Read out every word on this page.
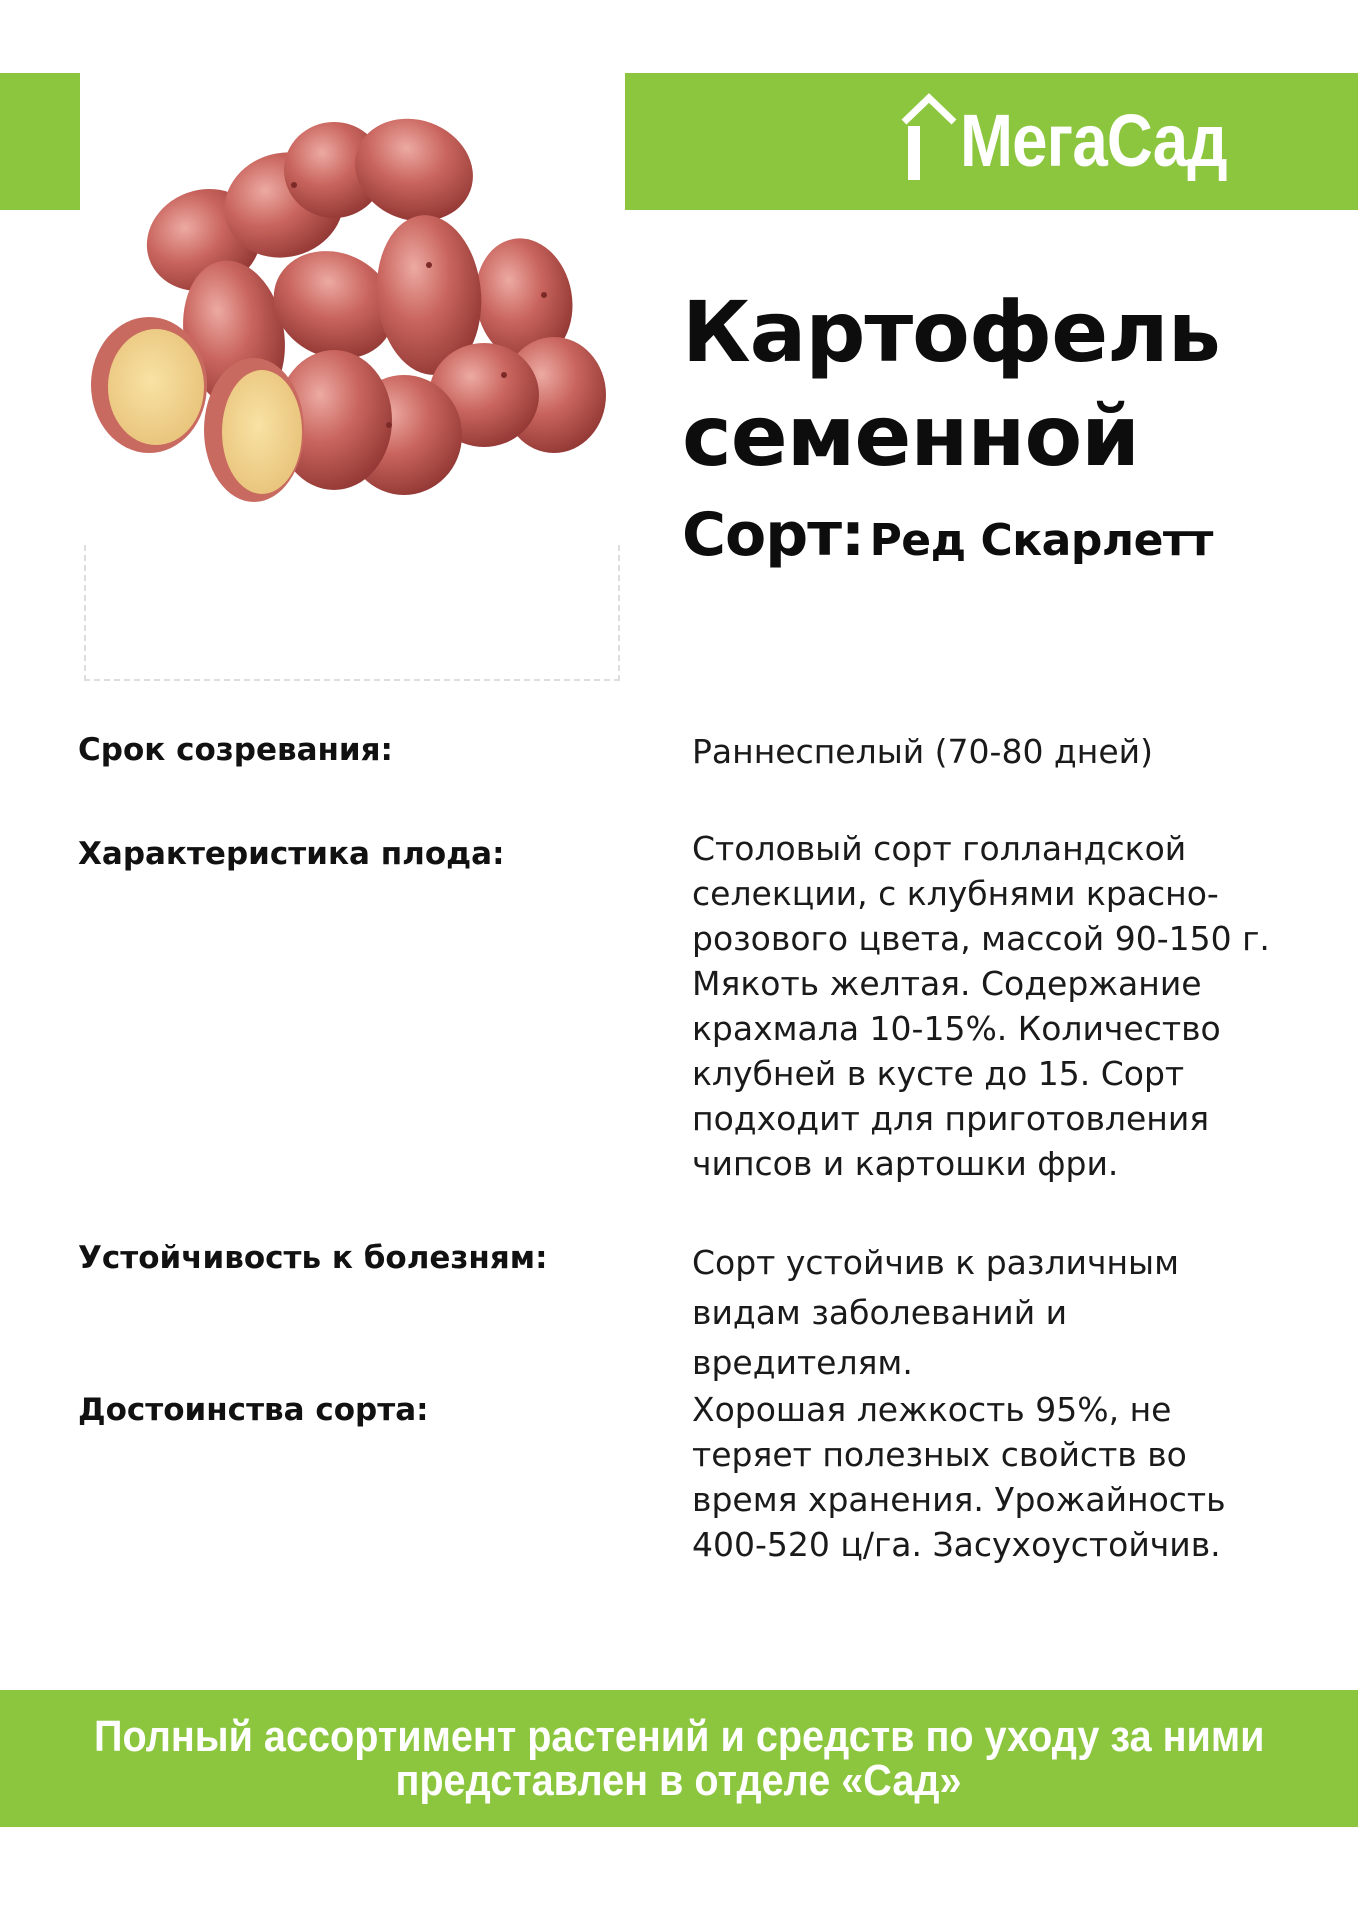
МегаСад
Картофель
семенной
Сорт: Ред Скарлетт
Срок созревания:	Раннеспелый (70-80 дней)
Характеристика плода:	Столовый сорт голландской
селекции, с клубнями красно-
розового цвета, массой 90-150 г.
Мякоть желтая. Содержание
крахмала 10-15%. Количество
клубней в кусте до 15. Сорт
подходит для приготовления
чипсов и картошки фри.
Устойчивость к болезням:	Сорт устойчив к различным
видам заболеваний и
вредителям.
Достоинства сорта:	Хорошая лежкость 95%, не
теряет полезных свойств во
время хранения. Урожайность
400-520 ц/га. Засухоустойчив.
Полный ассортимент растений и средств по уходу за ними
представлен в отделе «Сад»
